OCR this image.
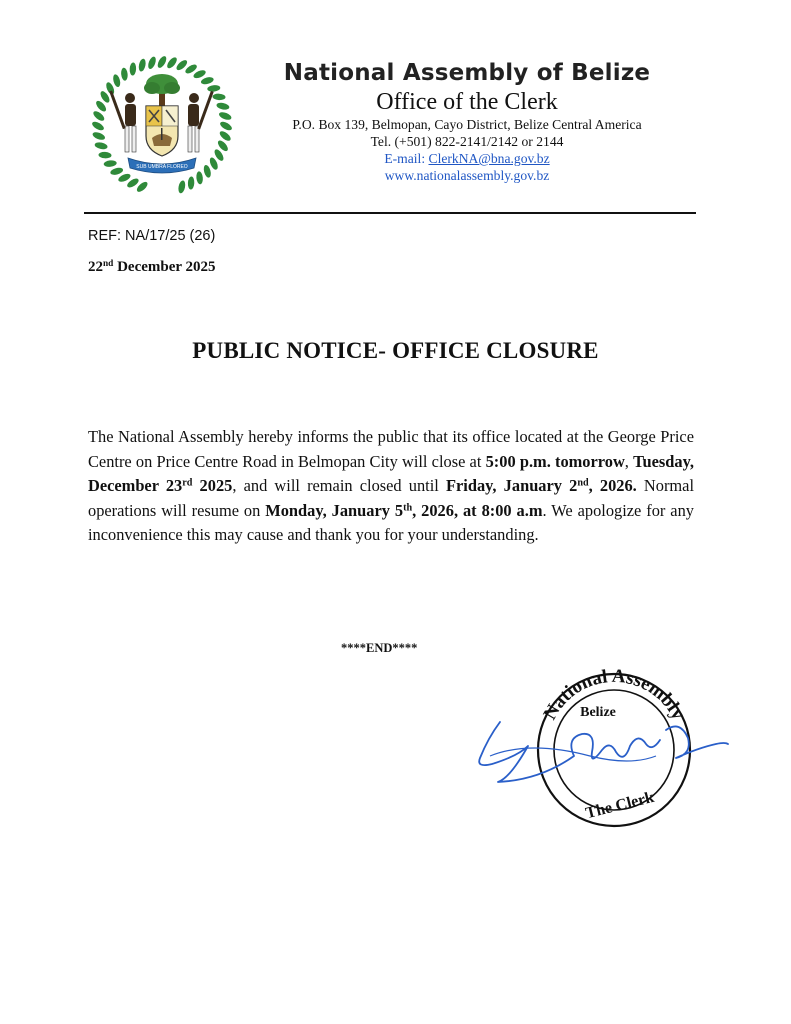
SUB UMBRA FLOREO
National Assembly of Belize
Office of the Clerk
P.O. Box 139, Belmopan, Cayo District, Belize Central America
Tel. (+501) 822-2141/2142 or 2144
E-mail: ClerkNA@bna.gov.bz
www.nationalassembly.gov.bz
REF: NA/17/25 (26)
22nd December 2025
PUBLIC NOTICE- OFFICE CLOSURE
The National Assembly hereby informs the public that its office located at the George Price Centre on Price Centre Road in Belmopan City will close at 5:00 p.m. tomorrow, Tuesday, December 23rd 2025, and will remain closed until Friday, January 2nd, 2026. Normal operations will resume on Monday, January 5th, 2026, at 8:00 a.m. We apologize for any inconvenience this may cause and thank you for your understanding.
****END****
National Assembly
Belize
The Clerk
